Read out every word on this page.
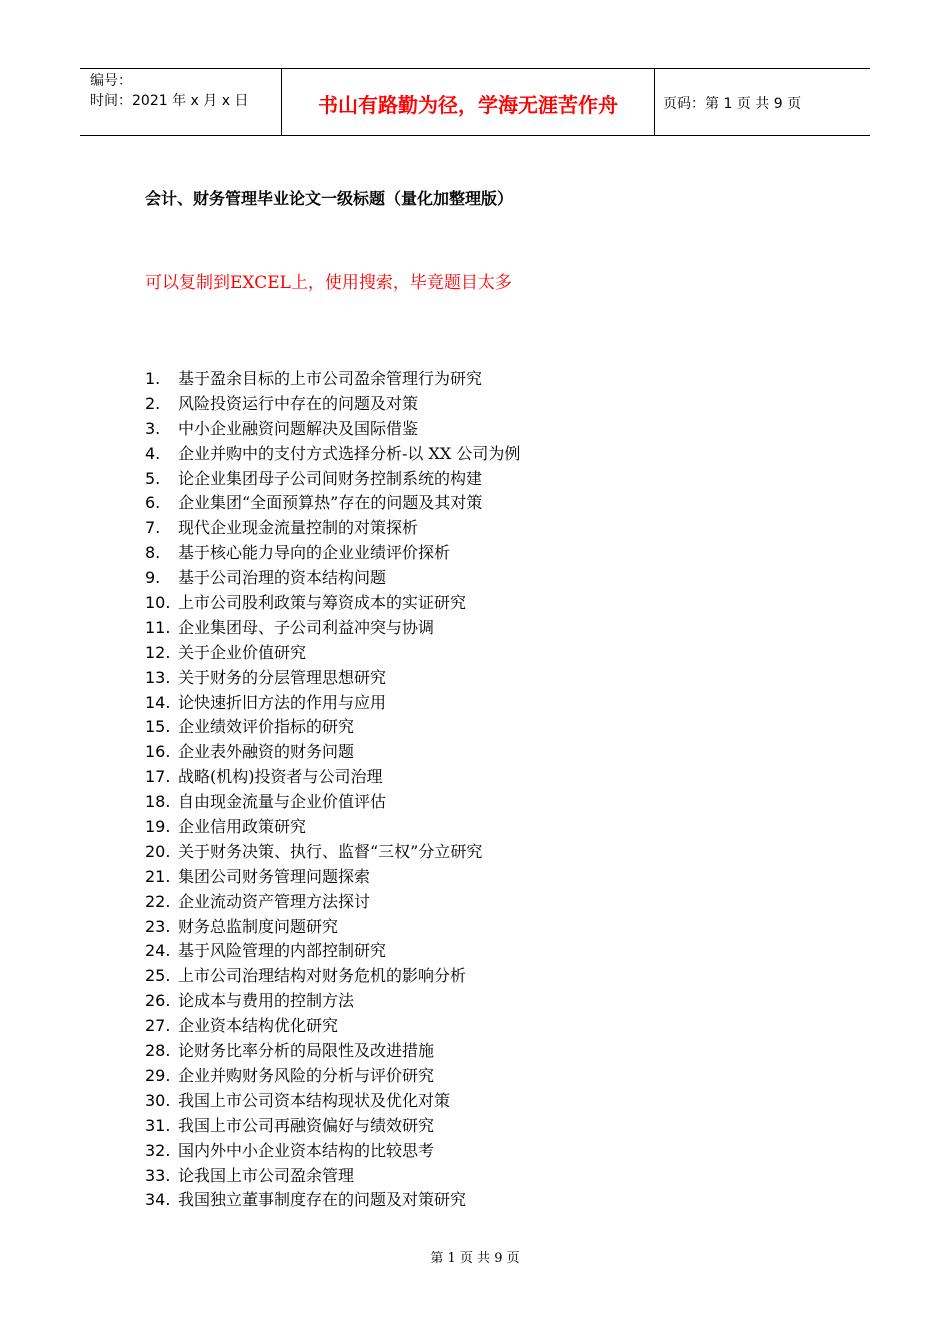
编号：
时间：2021 年 x 月 x 日	书山有路勤为径，学海无涯苦作舟	页码：第 1 页 共 9 页
会计、财务管理毕业论文一级标题（量化加整理版）

可以复制到EXCEL上，使用搜索，毕竟题目太多

1.	基于盈余目标的上市公司盈余管理行为研究
2.	风险投资运行中存在的问题及对策
3.	中小企业融资问题解决及国际借鉴
4.	企业并购中的支付方式选择分析-以 XX 公司为例
5.	论企业集团母子公司间财务控制系统的构建
6.	企业集团“全面预算热”存在的问题及其对策
7.	现代企业现金流量控制的对策探析
8.	基于核心能力导向的企业业绩评价探析
9.	基于公司治理的资本结构问题
10. 上市公司股利政策与筹资成本的实证研究
11. 企业集团母、子公司利益冲突与协调
12. 关于企业价值研究
13. 关于财务的分层管理思想研究
14. 论快速折旧方法的作用与应用
15. 企业绩效评价指标的研究
16. 企业表外融资的财务问题
17. 战略(机构)投资者与公司治理
18. 自由现金流量与企业价值评估
19. 企业信用政策研究
20. 关于财务决策、执行、监督“三权”分立研究
21. 集团公司财务管理问题探索
22. 企业流动资产管理方法探讨
23. 财务总监制度问题研究
24. 基于风险管理的内部控制研究
25. 上市公司治理结构对财务危机的影响分析
26. 论成本与费用的控制方法
27. 企业资本结构优化研究
28. 论财务比率分析的局限性及改进措施
29. 企业并购财务风险的分析与评价研究
30. 我国上市公司资本结构现状及优化对策
31. 我国上市公司再融资偏好与绩效研究
32. 国内外中小企业资本结构的比较思考
33. 论我国上市公司盈余管理
34. 我国独立董事制度存在的问题及对策研究
第 1 页 共 9 页
